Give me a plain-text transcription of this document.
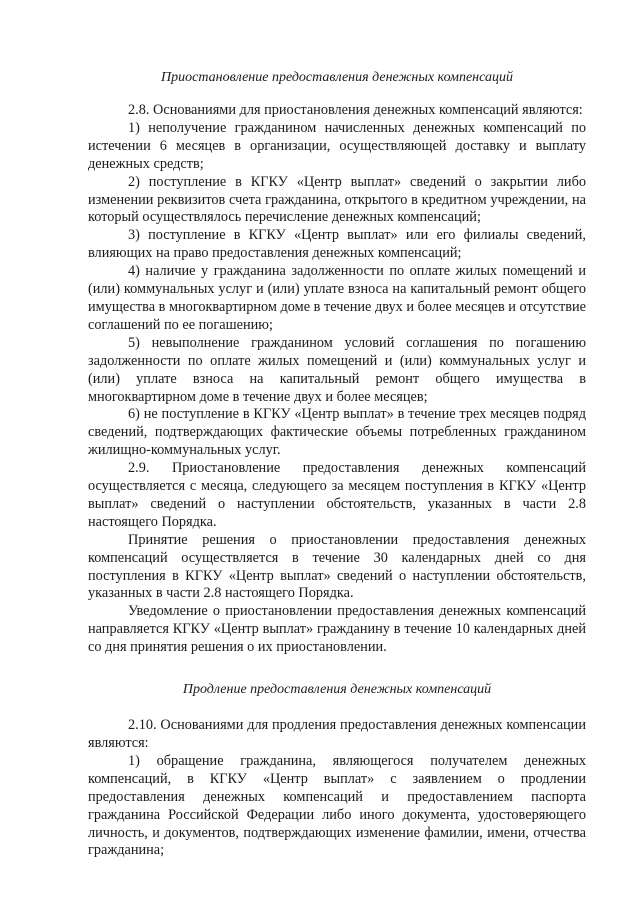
Приостановление предоставления денежных компенсаций

2.8. Основаниями для приостановления денежных компенсаций являются:

1) неполучение гражданином начисленных денежных компенсаций по истечении 6 месяцев в организации, осуществляющей доставку и выплату денежных средств;

2) поступление в КГКУ «Центр выплат» сведений о закрытии либо изменении реквизитов счета гражданина, открытого в кредитном учреждении, на который осуществлялось перечисление денежных компенсаций;

3) поступление в КГКУ «Центр выплат» или его филиалы сведений, влияющих на право предоставления денежных компенсаций;

4) наличие у гражданина задолженности по оплате жилых помещений и (или) коммунальных услуг и (или) уплате взноса на капитальный ремонт общего имущества в многоквартирном доме в течение двух и более месяцев и отсутствие соглашений по ее погашению;

5) невыполнение гражданином условий соглашения по погашению задолженности по оплате жилых помещений и (или) коммунальных услуг и (или) уплате взноса на капитальный ремонт общего имущества в многоквартирном доме в течение двух и более месяцев;

6) не поступление в КГКУ «Центр выплат» в течение трех месяцев подряд сведений, подтверждающих фактические объемы потребленных гражданином жилищно-коммунальных услуг.

2.9. Приостановление предоставления денежных компенсаций осуществляется с месяца, следующего за месяцем поступления в КГКУ «Центр выплат» сведений о наступлении обстоятельств, указанных в части 2.8 настоящего Порядка.

Принятие решения о приостановлении предоставления денежных компенсаций осуществляется в течение 30 календарных дней со дня поступления в КГКУ «Центр выплат» сведений о наступлении обстоятельств, указанных в части 2.8 настоящего Порядка.

Уведомление о приостановлении предоставления денежных компенсаций направляется КГКУ «Центр выплат» гражданину в течение 10 календарных дней со дня принятия решения о их приостановлении.

Продление предоставления денежных компенсаций

2.10. Основаниями для продления предоставления денежных компенсации являются:

1) обращение гражданина, являющегося получателем денежных компенсаций, в КГКУ «Центр выплат» с заявлением о продлении предоставления денежных компенсаций и предоставлением паспорта гражданина Российской Федерации либо иного документа, удостоверяющего личность, и документов, подтверждающих изменение фамилии, имени, отчества гражданина;
